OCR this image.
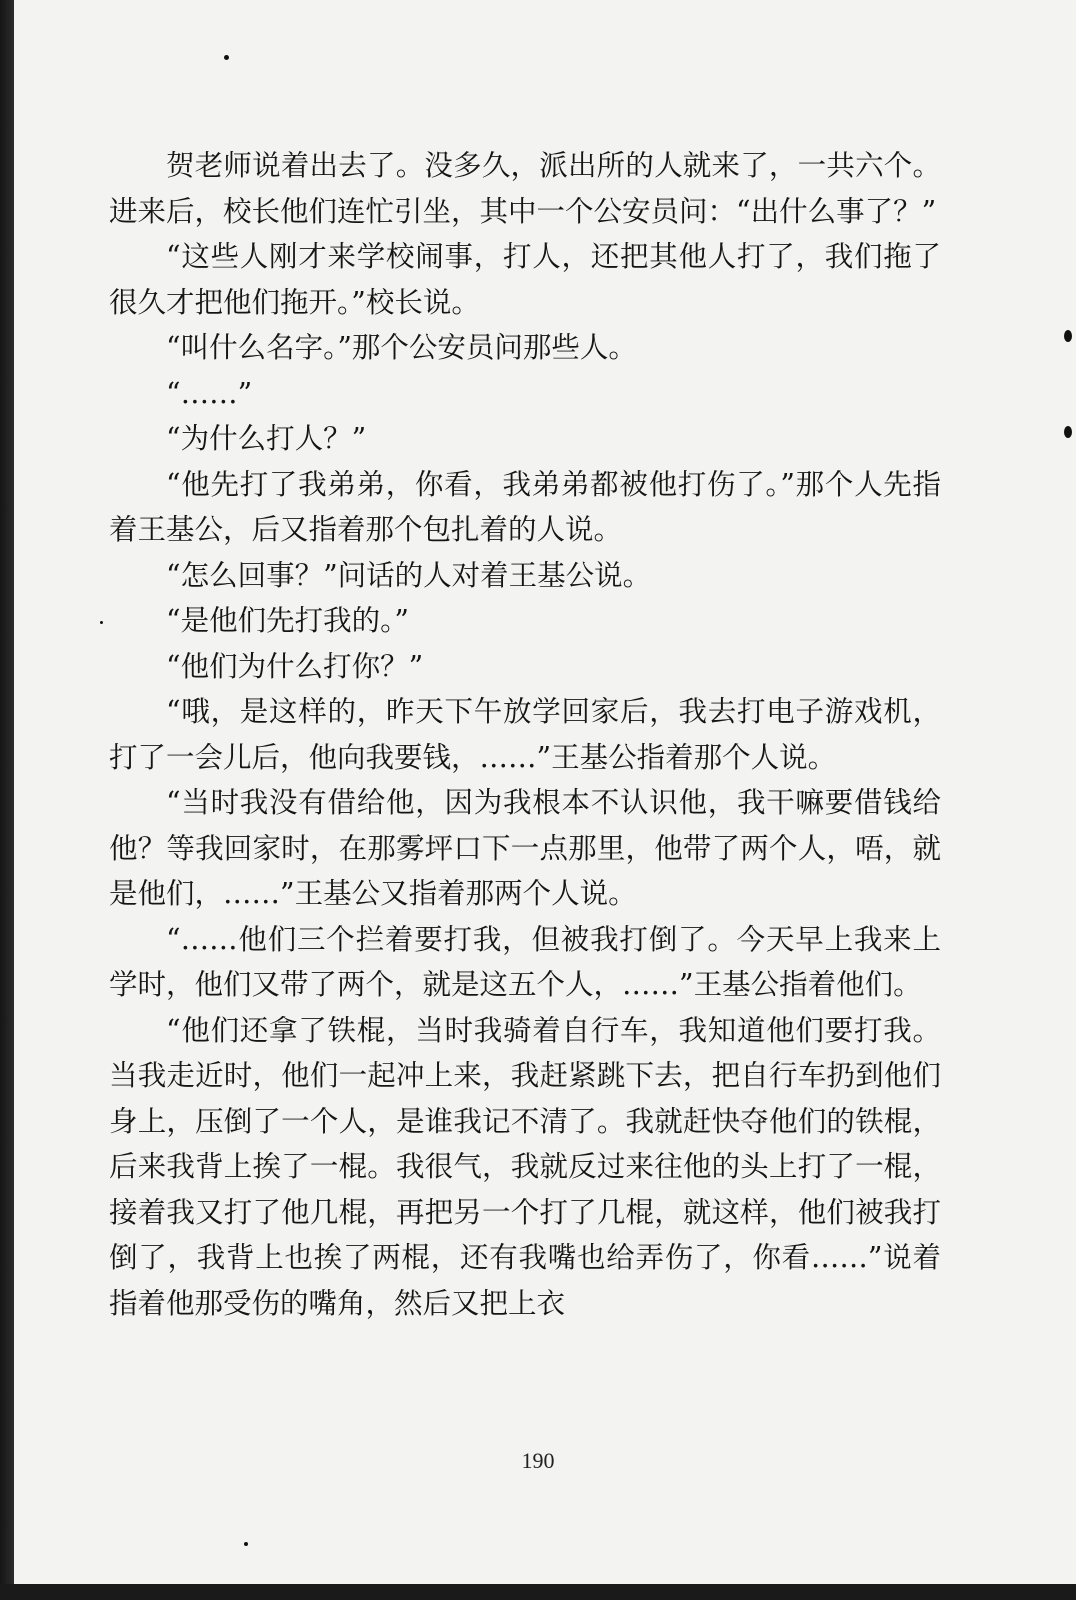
贺老师说着出去了。没多久，派出所的人就来了，一共六个。进来后，校长他们连忙引坐，其中一个公安员问：“出什么事了？”

“这些人刚才来学校闹事，打人，还把其他人打了，我们拖了很久才把他们拖开。”校长说。

“叫什么名字。”那个公安员问那些人。

“……”

“为什么打人？”

“他先打了我弟弟，你看，我弟弟都被他打伤了。”那个人先指着王基公，后又指着那个包扎着的人说。

“怎么回事？”问话的人对着王基公说。

“是他们先打我的。”

“他们为什么打你？”

“哦，是这样的，昨天下午放学回家后，我去打电子游戏机，打了一会儿后，他向我要钱，……”王基公指着那个人说。

“当时我没有借给他，因为我根本不认识他，我干嘛要借钱给他？等我回家时，在那雾坪口下一点那里，他带了两个人，唔，就是他们，……”王基公又指着那两个人说。

“……他们三个拦着要打我，但被我打倒了。今天早上我来上学时，他们又带了两个，就是这五个人，……”王基公指着他们。

“他们还拿了铁棍，当时我骑着自行车，我知道他们要打我。当我走近时，他们一起冲上来，我赶紧跳下去，把自行车扔到他们身上，压倒了一个人，是谁我记不清了。我就赶快夺他们的铁棍，后来我背上挨了一棍。我很气，我就反过来往他的头上打了一棍，接着我又打了他几棍，再把另一个打了几棍，就这样，他们被我打倒了，我背上也挨了两棍，还有我嘴也给弄伤了，你看……”说着指着他那受伤的嘴角，然后又把上衣

190
